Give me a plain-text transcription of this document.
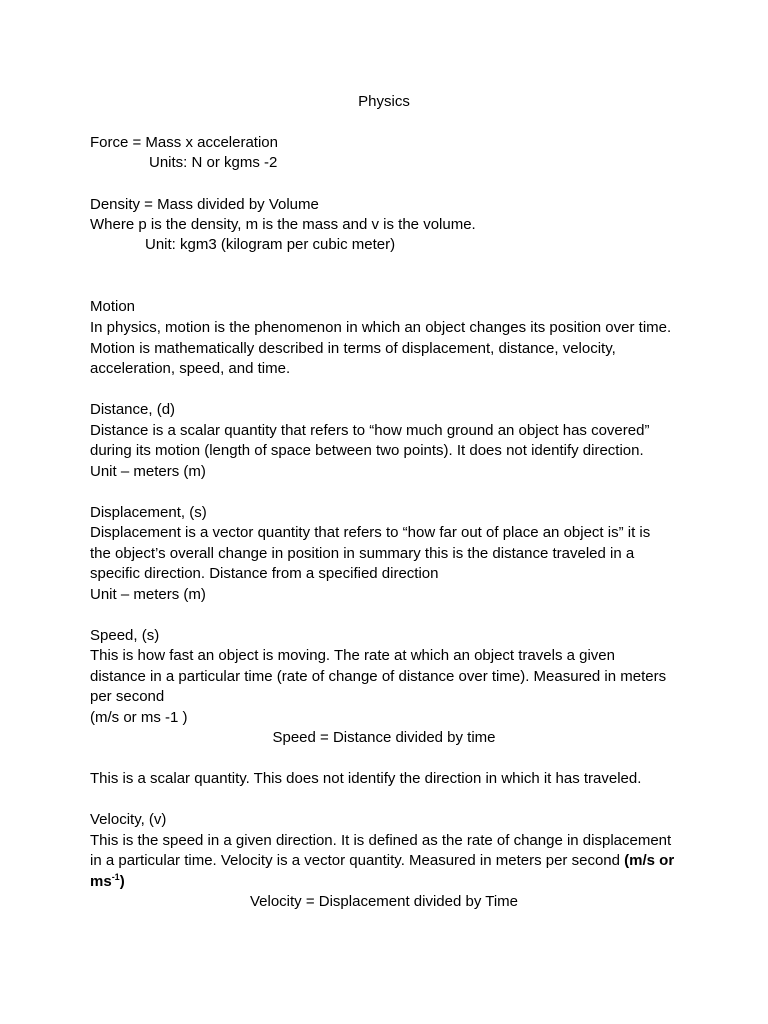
Physics
Force = Mass x acceleration
Units: N or kgms -2
Density = Mass divided by Volume
Where p is the density, m is the mass and v is the volume.
Unit: kgm3 (kilogram per cubic meter)
Motion
In physics, motion is the phenomenon in which an object changes its position over time.
Motion is mathematically described in terms of displacement, distance, velocity,
acceleration, speed, and time.
Distance, (d)
Distance is a scalar quantity that refers to “how much ground an object has covered”
during its motion (length of space between two points). It does not identify direction.
Unit – meters (m)
Displacement, (s)
Displacement is a vector quantity that refers to “how far out of place an object is” it is
the object’s overall change in position in summary this is the distance traveled in a
specific direction. Distance from a specified direction
Unit – meters (m)
Speed, (s)
This is how fast an object is moving. The rate at which an object travels a given
distance in a particular time (rate of change of distance over time). Measured in meters
per second
(m/s or ms -1 )
Speed = Distance divided by time
This is a scalar quantity. This does not identify the direction in which it has traveled.
Velocity, (v)
This is the speed in a given direction. It is defined as the rate of change in displacement
in a particular time. Velocity is a vector quantity. Measured in meters per second (m/s or
$ms^{-1}$)
Velocity = Displacement divided by Time
